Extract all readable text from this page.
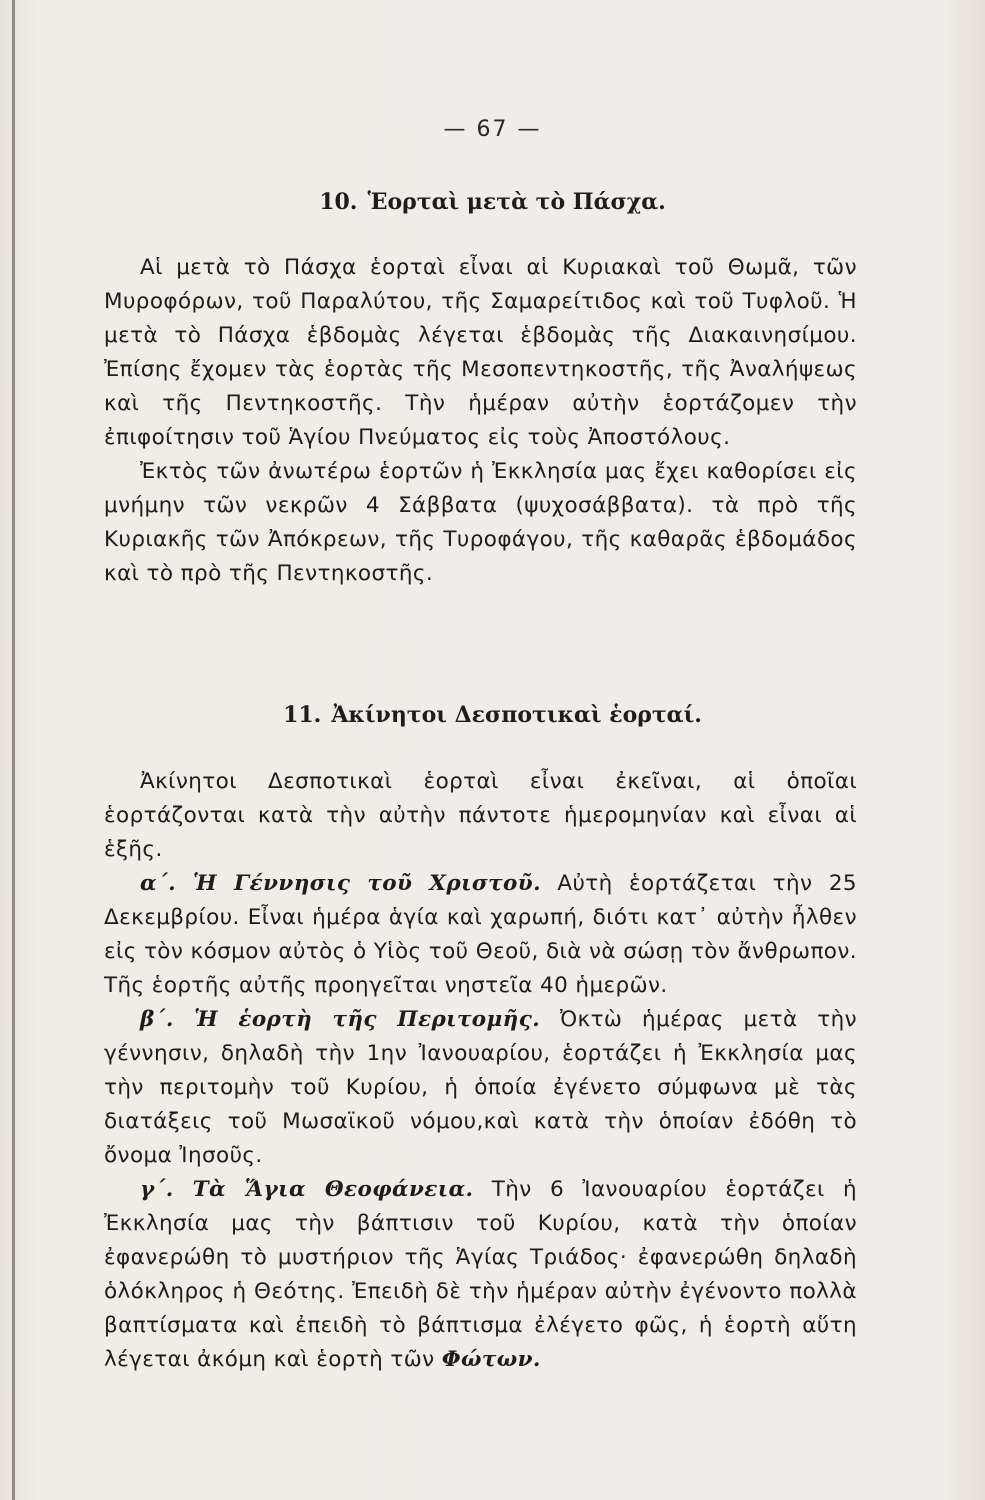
— 67 —
10. Ἑορταὶ μετὰ τὸ Πάσχα.

Αἱ μετὰ τὸ Πάσχα ἑορταὶ εἶναι αἱ Κυριακαὶ τοῦ Θωμᾶ, τῶν Μυροφόρων, τοῦ Παραλύτου, τῆς Σαμαρείτιδος καὶ τοῦ Τυφλοῦ. Ἡ μετὰ τὸ Πάσχα ἑβδομὰς λέγεται ἑβδομὰς τῆς Διακαινησίμου. Ἐπίσης ἔχομεν τὰς ἑορτὰς τῆς Μεσοπεντηκοστῆς, τῆς Ἀναλήψεως καὶ τῆς Πεντηκοστῆς. Τὴν ἡμέραν αὐτὴν ἑορτάζομεν τὴν ἐπιφοίτησιν τοῦ Ἁγίου Πνεύματος εἰς τοὺς Ἀποστόλους.

Ἐκτὸς τῶν ἀνωτέρω ἑορτῶν ἡ Ἐκκλησία μας ἔχει καθορίσει εἰς μνήμην τῶν νεκρῶν 4 Σάββατα (ψυχοσάββατα). τὰ πρὸ τῆς Κυριακῆς τῶν Ἀπόκρεων, τῆς Τυροφάγου, τῆς καθαρᾶς ἑβδομάδος καὶ τὸ πρὸ τῆς Πεντηκοστῆς.

11. Ἀκίνητοι Δεσποτικαὶ ἑορταί.

Ἀκίνητοι Δεσποτικαὶ ἑορταὶ εἶναι ἐκεῖναι, αἱ ὁποῖαι ἑορτάζονται κατὰ τὴν αὐτὴν πάντοτε ἡμερομηνίαν καὶ εἶναι αἱ ἑξῆς.

α΄. Ἡ Γέννησις τοῦ Χριστοῦ. Αὐτὴ ἑορτάζεται τὴν 25 Δεκεμβρίου. Εἶναι ἡμέρα ἁγία καὶ χαρωπή, διότι κατ᾿ αὐτὴν ἦλθεν εἰς τὸν κόσμον αὐτὸς ὁ Υἱὸς τοῦ Θεοῦ, διὰ νὰ σώσῃ τὸν ἄνθρωπον. Τῆς ἑορτῆς αὐτῆς προηγεῖται νηστεῖα 40 ἡμερῶν.

β΄. Ἡ ἑορτὴ τῆς Περιτομῆς. Ὀκτὼ ἡμέρας μετὰ τὴν γέννησιν, δηλαδὴ τὴν 1ην Ἰανουαρίου, ἑορτάζει ἡ Ἐκκλησία μας τὴν περιτομὴν τοῦ Κυρίου, ἡ ὁποία ἐγένετο σύμφωνα μὲ τὰς διατάξεις τοῦ Μωσαϊκοῦ νόμου,καὶ κατὰ τὴν ὁποίαν ἐδόθη τὸ ὄνομα Ἰησοῦς.

γ΄. Τὰ Ἅγια Θεοφάνεια. Τὴν 6 Ἰανουαρίου ἑορτάζει ἡ Ἐκκλησία μας τὴν βάπτισιν τοῦ Κυρίου, κατὰ τὴν ὁποίαν ἐφανερώθη τὸ μυστήριον τῆς Ἁγίας Τριάδος· ἐφανερώθη δηλαδὴ ὁλόκληρος ἡ Θεότης. Ἐπειδὴ δὲ τὴν ἡμέραν αὐτὴν ἐγένοντο πολλὰ βαπτίσματα καὶ ἐπειδὴ τὸ βάπτισμα ἐλέγετο φῶς, ἡ ἑορτὴ αὕτη λέγεται ἀκόμη καὶ ἑορτὴ τῶν Φώτων.
